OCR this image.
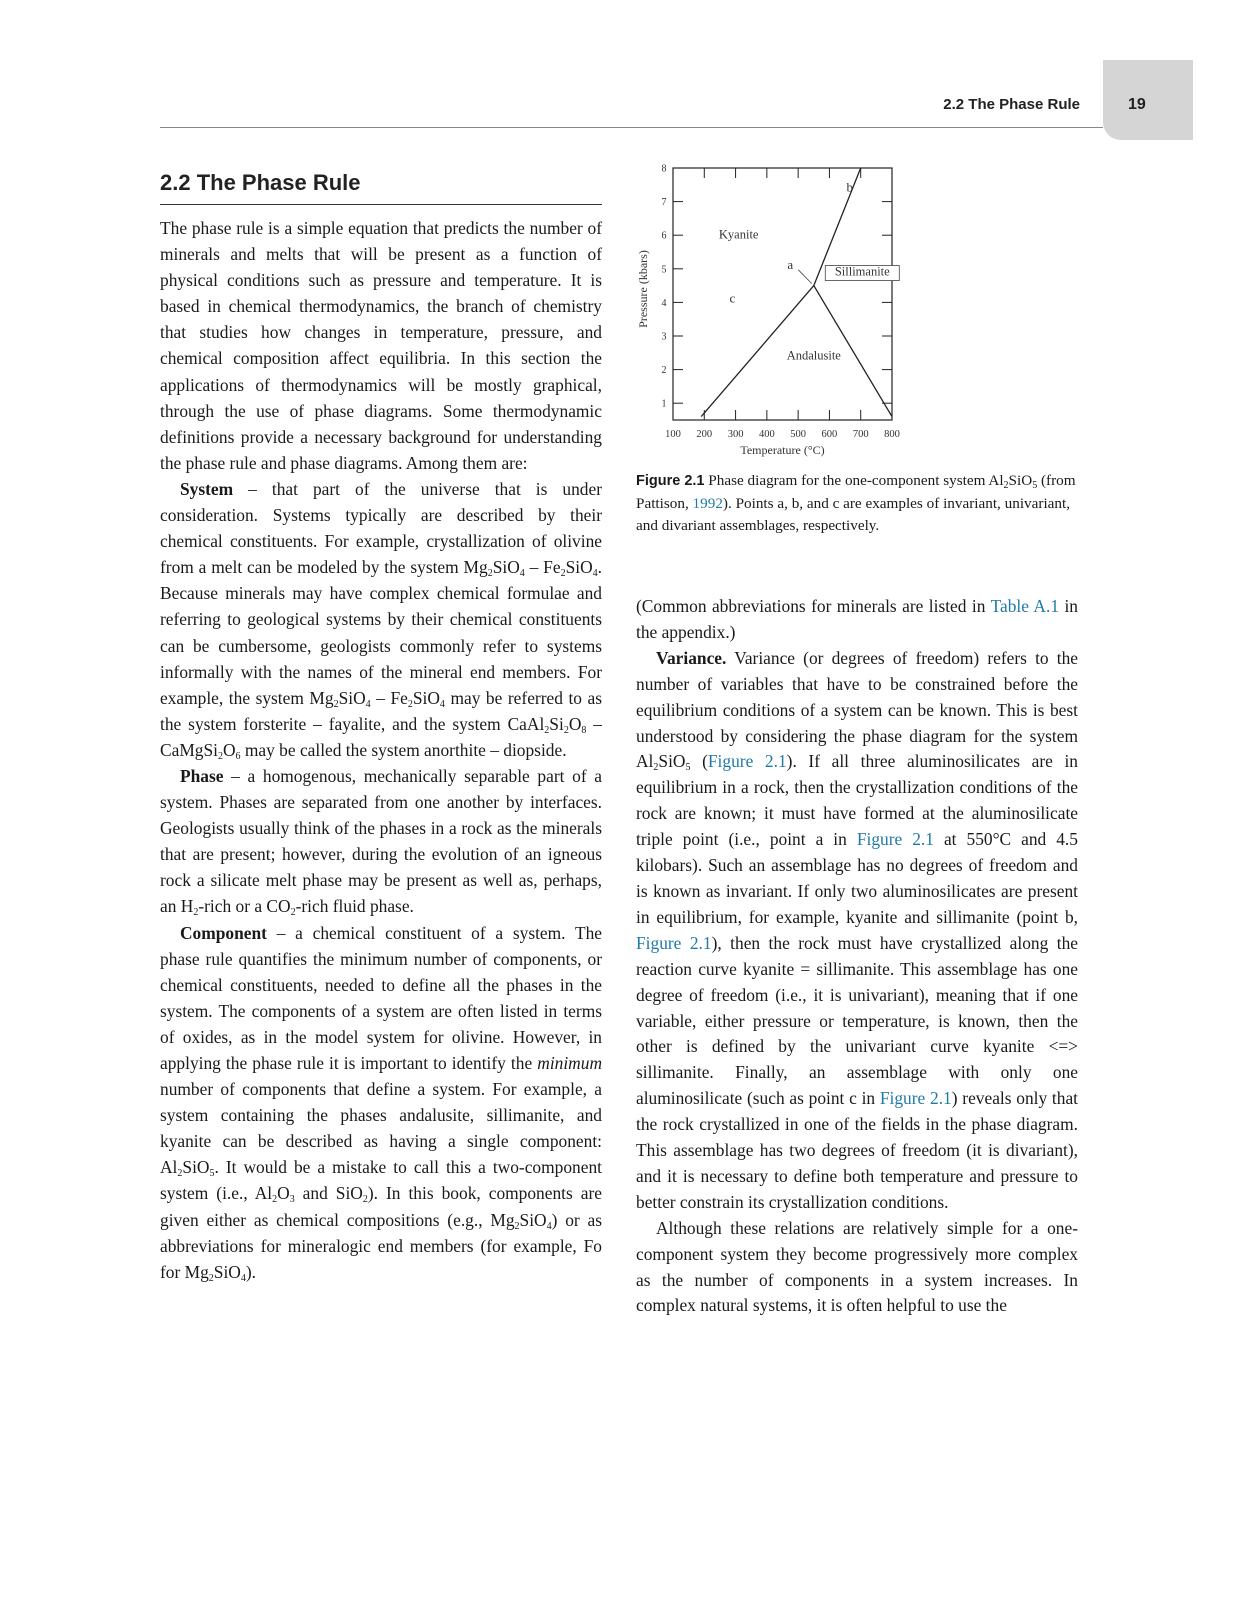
2.2 The Phase Rule	19
2.2 The Phase Rule

The phase rule is a simple equation that predicts the number of minerals and melts that will be present as a function of physical conditions such as pressure and temperature. It is based in chemical thermodynamics, the branch of chemistry that studies how changes in temperature, pressure, and chemical composition affect equilibria. In this section the applications of thermodynamics will be mostly graphical, through the use of phase diagrams. Some thermodynamic definitions provide a necessary background for understanding the phase rule and phase diagrams. Among them are:

System – that part of the universe that is under consideration. Systems typically are described by their chemical constituents. For example, crystallization of olivine from a melt can be modeled by the system $Mg_2SiO_4 - Fe_2SiO_4$. Because minerals may have complex chemical formulae and referring to geological systems by their chemical constituents can be cumbersome, geologists commonly refer to systems informally with the names of the mineral end members. For example, the system $Mg_2SiO_4 - Fe_2SiO_4$ may be referred to as the system forsterite – fayalite, and the system $CaAl_2Si_2O_8$ – $CaMgSi_2O_6$ may be called the system anorthite – diopside.

Phase – a homogenous, mechanically separable part of a system. Phases are separated from one another by interfaces. Geologists usually think of the phases in a rock as the minerals that are present; however, during the evolution of an igneous rock a silicate melt phase may be present as well as, perhaps, an $H_2$-rich or a $CO_2$-rich fluid phase.

Component – a chemical constituent of a system. The phase rule quantifies the minimum number of components, or chemical constituents, needed to define all the phases in the system. The components of a system are often listed in terms of oxides, as in the model system for olivine. However, in applying the phase rule it is important to identify the minimum number of components that define a system. For example, a system containing the phases andalusite, sillimanite, and kyanite can be described as having a single component: $Al_2SiO_5$. It would be a mistake to call this a two-component system (i.e., $Al_2O_3$ and SiO$_2$). In this book, components are given either as chemical compositions (e.g., $Mg_2SiO_4$) or as abbreviations for mineralogic end members (for example, Fo for $Mg_2SiO_4$).

100 200 300 400 500 600 700 800
1
2
3
4
5
6
7
8
Kyanite
Sillimanite
Andalusite
a
b
c
Temperature (°C)
Pressure (kbars)
Figure 2.1 Phase diagram for the one-component system $Al_2SiO_5$ (from Pattison, 1992). Points a, b, and c are examples of invariant, univariant, and divariant assemblages, respectively.

(Common abbreviations for minerals are listed in Table A.1 in the appendix.)

Variance. Variance (or degrees of freedom) refers to the number of variables that have to be constrained before the equilibrium conditions of a system can be known. This is best understood by considering the phase diagram for the system $Al_2SiO_5$ (Figure 2.1). If all three aluminosilicates are in equilibrium in a rock, then the crystallization conditions of the rock are known; it must have formed at the aluminosilicate triple point (i.e., point a in Figure 2.1 at 550°C and 4.5 kilobars). Such an assemblage has no degrees of freedom and is known as invariant. If only two aluminosilicates are present in equilibrium, for example, kyanite and sillimanite (point b, Figure 2.1), then the rock must have crystallized along the reaction curve kyanite = sillimanite. This assemblage has one degree of freedom (i.e., it is univariant), meaning that if one variable, either pressure or temperature, is known, then the other is defined by the univariant curve kyanite <=> sillimanite. Finally, an assemblage with only one aluminosilicate (such as point c in Figure 2.1) reveals only that the rock crystallized in one of the fields in the phase diagram. This assemblage has two degrees of freedom (it is divariant), and it is necessary to define both temperature and pressure to better constrain its crystallization conditions.

Although these relations are relatively simple for a one-component system they become progressively more complex as the number of components in a system increases. In complex natural systems, it is often helpful to use the
